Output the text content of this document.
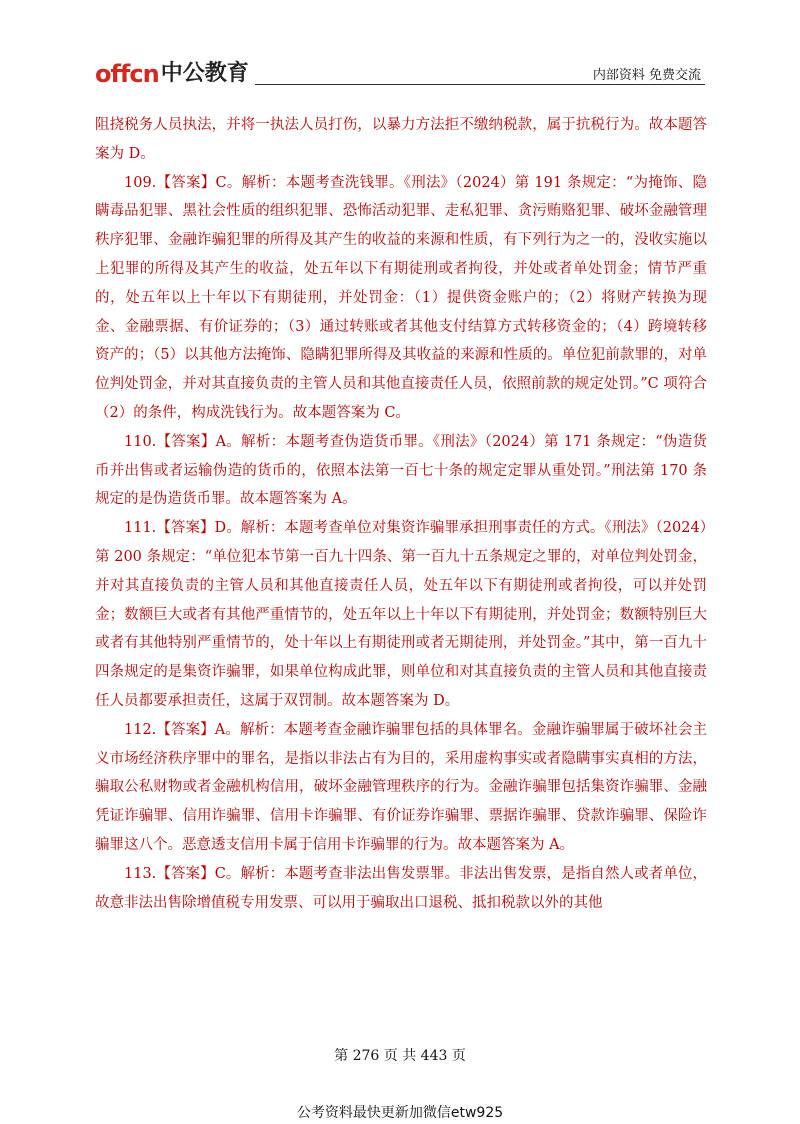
offcn 中公教育	内部资料 免费交流

阻挠税务人员执法，并将一执法人员打伤，以暴力方法拒不缴纳税款，属于抗税行为。故本题答案为 D。

109.【答案】C。解析：本题考查洗钱罪。《刑法》（2024）第 191 条规定：“为掩饰、隐瞒毒品犯罪、黑社会性质的组织犯罪、恐怖活动犯罪、走私犯罪、贪污贿赂犯罪、破坏金融管理秩序犯罪、金融诈骗犯罪的所得及其产生的收益的来源和性质，有下列行为之一的，没收实施以上犯罪的所得及其产生的收益，处五年以下有期徒刑或者拘役，并处或者单处罚金；情节严重的，处五年以上十年以下有期徒刑，并处罚金：（1）提供资金账户的；（2）将财产转换为现金、金融票据、有价证券的；（3）通过转账或者其他支付结算方式转移资金的；（4）跨境转移资产的；（5）以其他方法掩饰、隐瞒犯罪所得及其收益的来源和性质的。单位犯前款罪的，对单位判处罚金，并对其直接负责的主管人员和其他直接责任人员，依照前款的规定处罚。”C 项符合（2）的条件，构成洗钱行为。故本题答案为 C。

110.【答案】A。解析：本题考查伪造货币罪。《刑法》（2024）第 171 条规定：“伪造货币并出售或者运输伪造的货币的，依照本法第一百七十条的规定定罪从重处罚。”刑法第 170 条规定的是伪造货币罪。故本题答案为 A。

111.【答案】D。解析：本题考查单位对集资诈骗罪承担刑事责任的方式。《刑法》（2024）第 200 条规定：“单位犯本节第一百九十四条、第一百九十五条规定之罪的，对单位判处罚金，并对其直接负责的主管人员和其他直接责任人员，处五年以下有期徒刑或者拘役，可以并处罚金；数额巨大或者有其他严重情节的，处五年以上十年以下有期徒刑，并处罚金；数额特别巨大或者有其他特别严重情节的，处十年以上有期徒刑或者无期徒刑，并处罚金。”其中，第一百九十四条规定的是集资诈骗罪，如果单位构成此罪，则单位和对其直接负责的主管人员和其他直接责任人员都要承担责任，这属于双罚制。故本题答案为 D。

112.【答案】A。解析：本题考查金融诈骗罪包括的具体罪名。金融诈骗罪属于破坏社会主义市场经济秩序罪中的罪名，是指以非法占有为目的，采用虚构事实或者隐瞒事实真相的方法，骗取公私财物或者金融机构信用，破坏金融管理秩序的行为。金融诈骗罪包括集资诈骗罪、金融凭证诈骗罪、信用诈骗罪、信用卡诈骗罪、有价证券诈骗罪、票据诈骗罪、贷款诈骗罪、保险诈骗罪这八个。恶意透支信用卡属于信用卡诈骗罪的行为。故本题答案为 A。

113.【答案】C。解析：本题考查非法出售发票罪。非法出售发票，是指自然人或者单位，故意非法出售除增值税专用发票、可以用于骗取出口退税、抵扣税款以外的其他

第 276 页 共 443 页
公考资料最快更新加微信etw925
